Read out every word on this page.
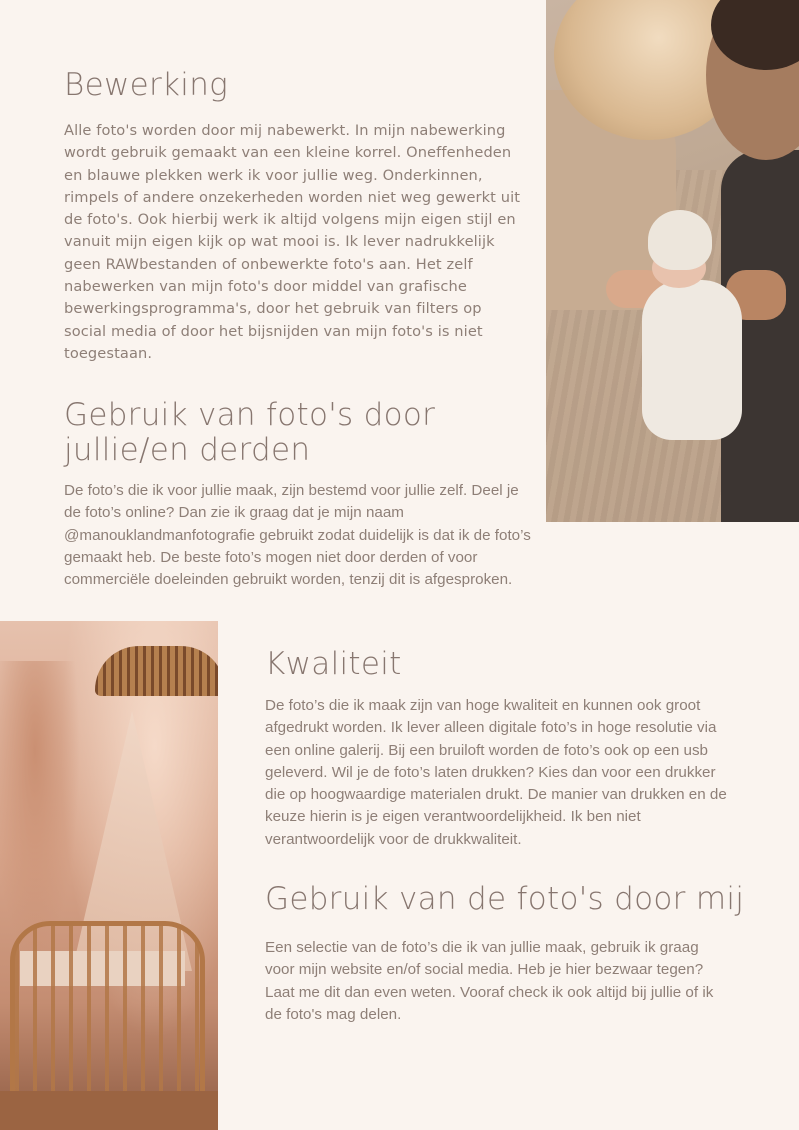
Bewerking

Alle foto's worden door mij nabewerkt. In mijn nabewerking wordt gebruik gemaakt van een kleine korrel. Oneffenheden en blauwe plekken werk ik voor jullie weg. Onderkinnen, rimpels of andere onzekerheden worden niet weg gewerkt uit de foto's. Ook hierbij werk ik altijd volgens mijn eigen stijl en vanuit mijn eigen kijk op wat mooi is. Ik lever nadrukkelijk geen RAWbestanden of onbewerkte foto's aan. Het zelf nabewerken van mijn foto's door middel van grafische bewerkingsprogramma's, door het gebruik van filters op social media of door het bijsnijden van mijn foto's is niet toegestaan.

Gebruik van foto's door jullie/en derden

De foto’s die ik voor jullie maak, zijn bestemd voor jullie zelf. Deel je de foto’s online? Dan zie ik graag dat je mijn naam @manouklandmanfotografie gebruikt zodat duidelijk is dat ik de foto’s gemaakt heb. De beste foto’s mogen niet door derden of voor commerciële doeleinden gebruikt worden, tenzij dit is afgesproken.

Kwaliteit

De foto’s die ik maak zijn van hoge kwaliteit en kunnen ook groot afgedrukt worden. Ik lever alleen digitale foto’s in hoge resolutie via een online galerij. Bij een bruiloft worden de foto’s ook op een usb geleverd. Wil je de foto’s laten drukken? Kies dan voor een drukker die op hoogwaardige materialen drukt. De manier van drukken en de keuze hierin is je eigen verantwoordelijkheid. Ik ben niet verantwoordelijk voor de drukkwaliteit.

Gebruik van de foto's door mij

Een selectie van de foto’s die ik van jullie maak, gebruik ik graag voor mijn website en/of social media. Heb je hier bezwaar tegen? Laat me dit dan even weten. Vooraf check ik ook altijd bij jullie of ik de foto's mag delen.
